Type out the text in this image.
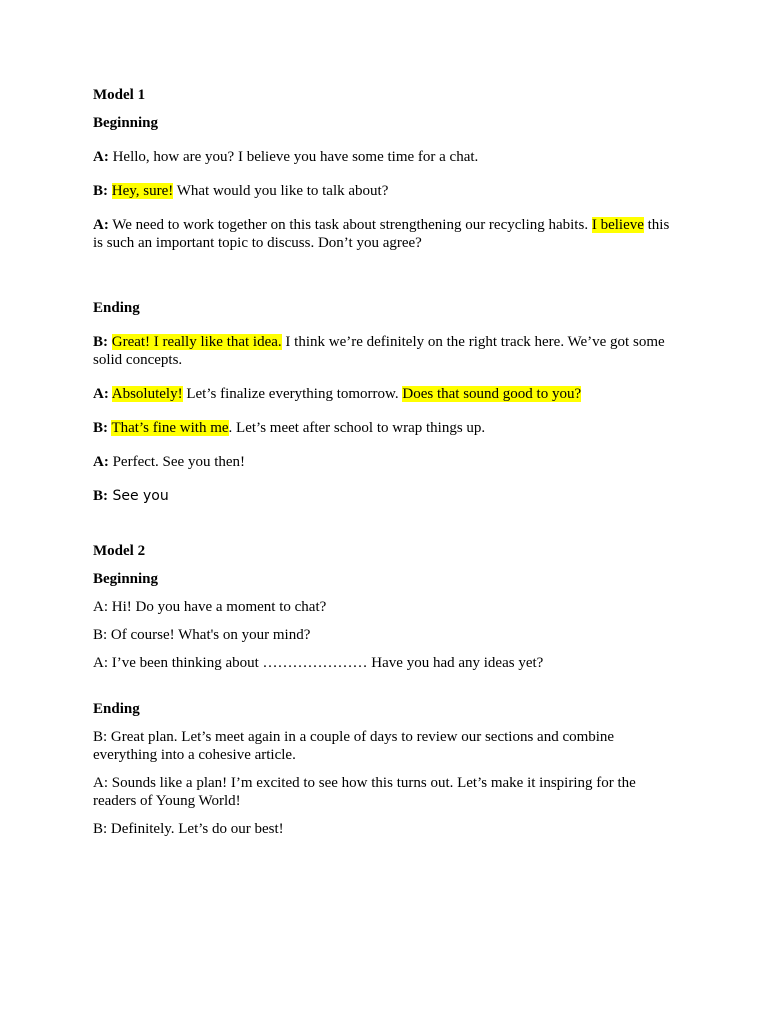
Model 1

Beginning

A: Hello, how are you? I believe you have some time for a chat.

B: Hey, sure! What would you like to talk about?

A: We need to work together on this task about strengthening our recycling habits. I believe this is such an important topic to discuss. Don’t you agree?

Ending

B: Great! I really like that idea. I think we’re definitely on the right track here. We’ve got some solid concepts.

A: Absolutely! Let’s finalize everything tomorrow. Does that sound good to you?

B: That’s fine with me. Let’s meet after school to wrap things up.

A: Perfect. See you then!

B: See you

Model 2

Beginning

A: Hi! Do you have a moment to chat?

B: Of course! What's on your mind?

A: I’ve been thinking about ………………… Have you had any ideas yet?

Ending

B: Great plan. Let’s meet again in a couple of days to review our sections and combine everything into a cohesive article.

A: Sounds like a plan! I’m excited to see how this turns out. Let’s make it inspiring for the readers of Young World!

B: Definitely. Let’s do our best!
